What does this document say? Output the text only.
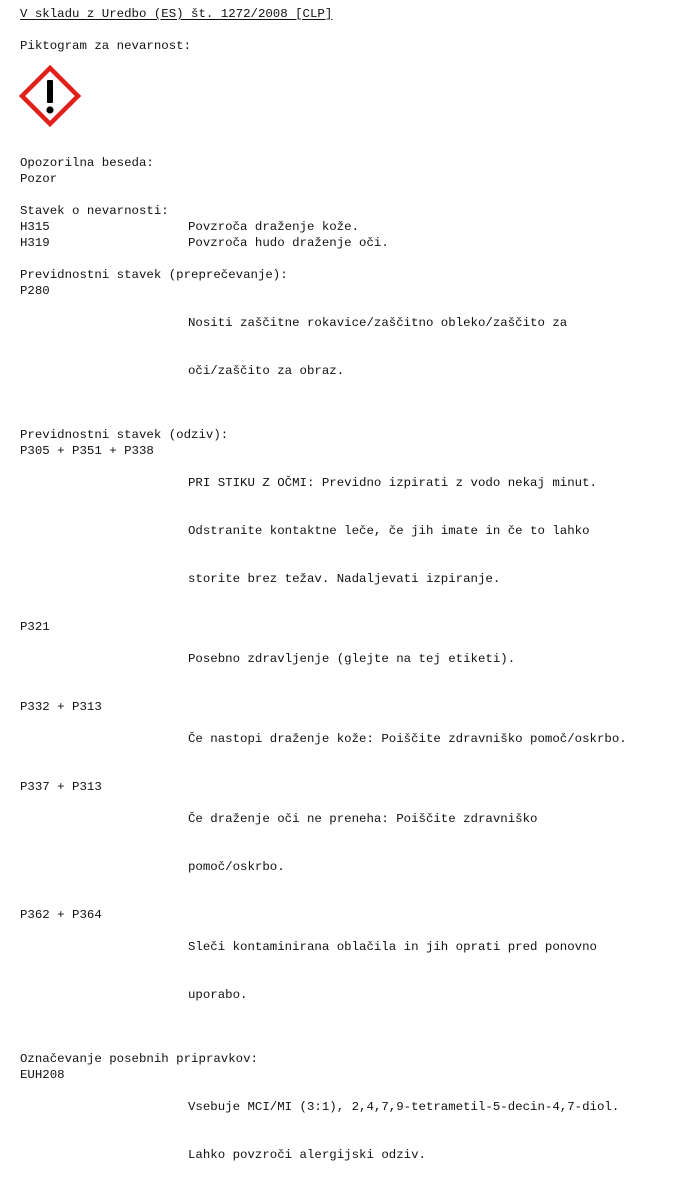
V skladu z Uredbo (ES) št. 1272/2008 [CLP]
Piktogram za nevarnost:
Opozorilna beseda:
Pozor
Stavek o nevarnosti:
H315	Povzroča draženje kože.
H319	Povzroča hudo draženje oči.
Previdnostni stavek (preprečevanje):
P280

Nositi zaščitne rokavice/zaščitno obleko/zaščito za

oči/zaščito za obraz.

Previdnostni stavek (odziv):
P305 + P351 + P338

PRI STIKU Z OČMI: Previdno izpirati z vodo nekaj minut.

Odstranite kontaktne leče, če jih imate in če to lahko

storite brez težav. Nadaljevati izpiranje.

P321

Posebno zdravljenje (glejte na tej etiketi).

P332 + P313

Če nastopi draženje kože: Poiščite zdravniško pomoč/oskrbo.

P337 + P313

Če draženje oči ne preneha: Poiščite zdravniško

pomoč/oskrbo.

P362 + P364

Sleči kontaminirana oblačila in jih oprati pred ponovno

uporabo.

Označevanje posebnih pripravkov:
EUH208

Vsebuje MCI/MI (3:1), 2,4,7,9-tetrametil-5-decin-4,7-diol.

Lahko povzroči alergijski odziv.
